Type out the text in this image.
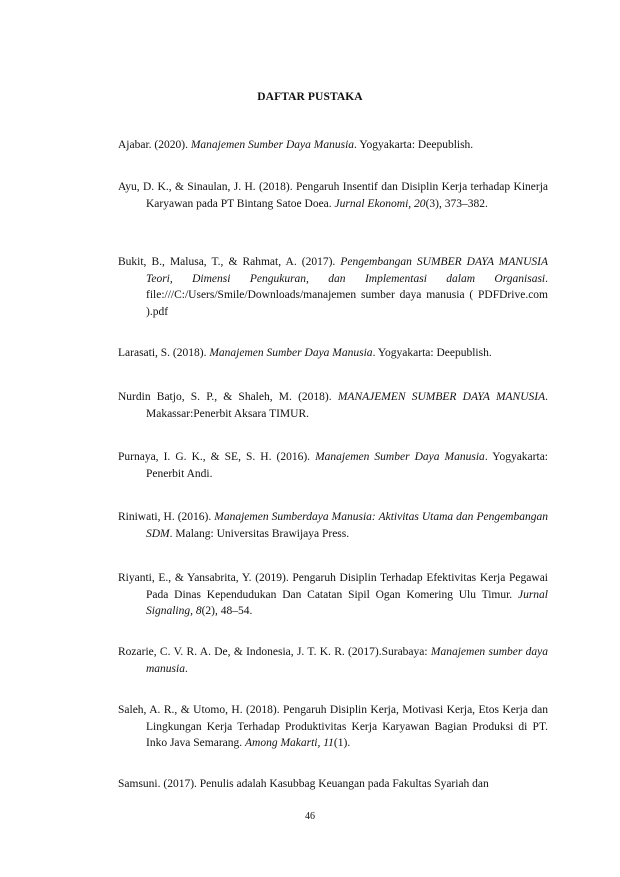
DAFTAR PUSTAKA
Ajabar. (2020). Manajemen Sumber Daya Manusia. Yogyakarta: Deepublish.
Ayu, D. K., & Sinaulan, J. H. (2018). Pengaruh Insentif dan Disiplin Kerja terhadap Kinerja Karyawan pada PT Bintang Satoe Doea. Jurnal Ekonomi, 20(3), 373–382.
Bukit, B., Malusa, T., & Rahmat, A. (2017). Pengembangan SUMBER DAYA MANUSIA Teori, Dimensi Pengukuran, dan Implementasi dalam Organisasi. file:///C:/Users/Smile/Downloads/manajemen sumber daya manusia ( PDFDrive.com ).pdf
Larasati, S. (2018). Manajemen Sumber Daya Manusia. Yogyakarta: Deepublish.
Nurdin Batjo, S. P., & Shaleh, M. (2018). MANAJEMEN SUMBER DAYA MANUSIA. Makassar:Penerbit Aksara TIMUR.
Purnaya, I. G. K., & SE, S. H. (2016). Manajemen Sumber Daya Manusia. Yogyakarta: Penerbit Andi.
Riniwati, H. (2016). Manajemen Sumberdaya Manusia: Aktivitas Utama dan Pengembangan SDM. Malang: Universitas Brawijaya Press.
Riyanti, E., & Yansabrita, Y. (2019). Pengaruh Disiplin Terhadap Efektivitas Kerja Pegawai Pada Dinas Kependudukan Dan Catatan Sipil Ogan Komering Ulu Timur. Jurnal Signaling, 8(2), 48–54.
Rozarie, C. V. R. A. De, & Indonesia, J. T. K. R. (2017).Surabaya: Manajemen sumber daya manusia.
Saleh, A. R., & Utomo, H. (2018). Pengaruh Disiplin Kerja, Motivasi Kerja, Etos Kerja dan Lingkungan Kerja Terhadap Produktivitas Kerja Karyawan Bagian Produksi di PT. Inko Java Semarang. Among Makarti, 11(1).
Samsuni. (2017). Penulis adalah Kasubbag Keuangan pada Fakultas Syariah dan
46
